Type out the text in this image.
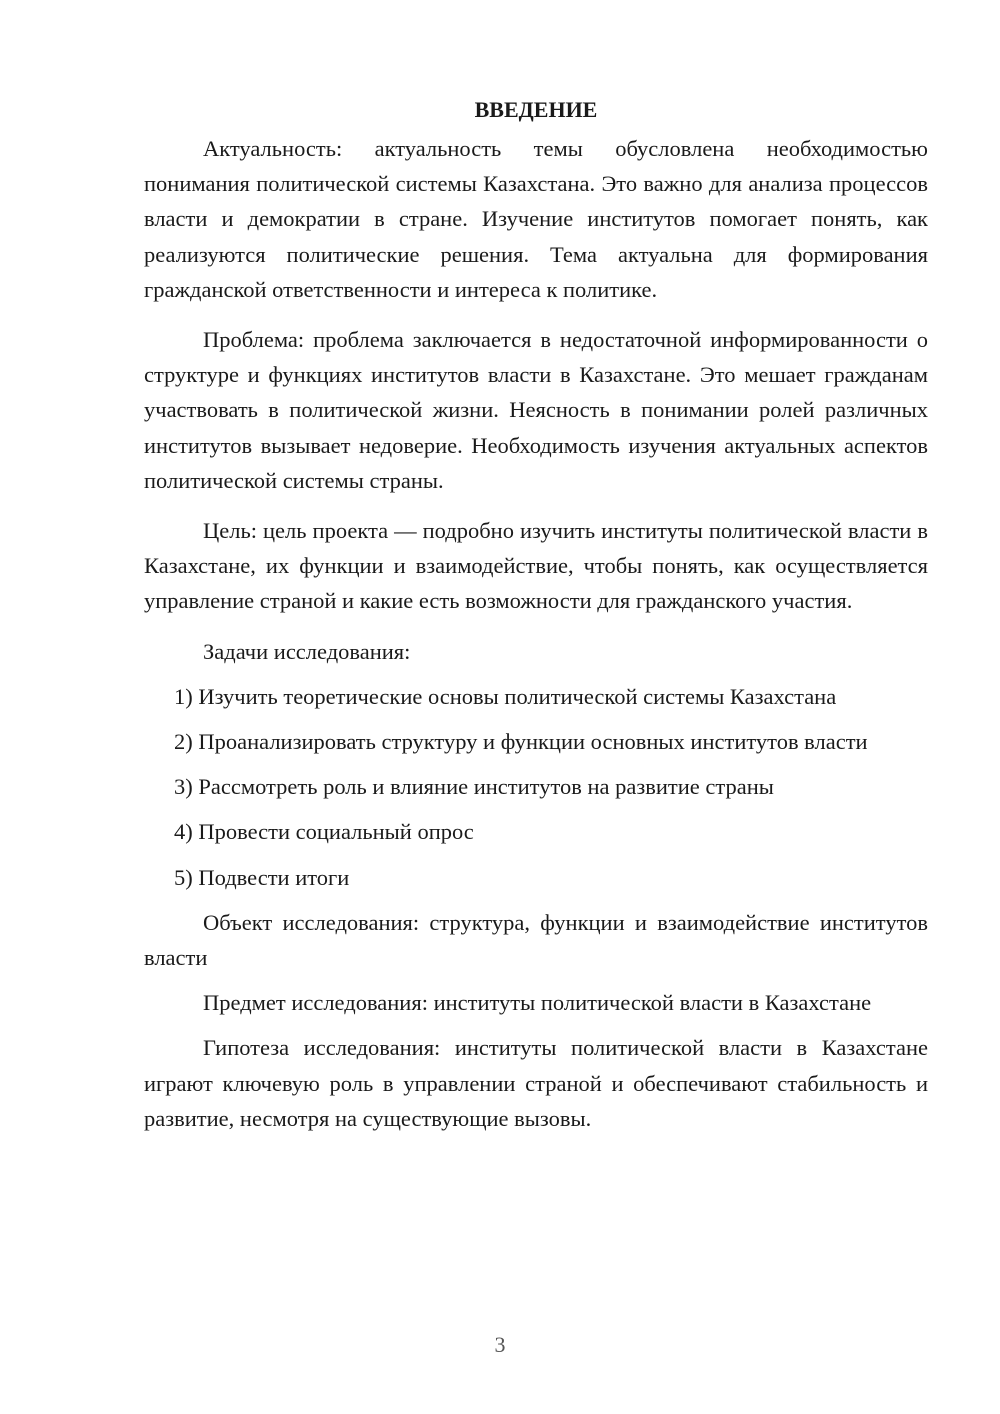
ВВЕДЕНИЕ

Актуальность: актуальность темы обусловлена необходимостью понимания политической системы Казахстана. Это важно для анализа процессов власти и демократии в стране. Изучение институтов помогает понять, как реализуются политические решения. Тема актуальна для формирования гражданской ответственности и интереса к политике.

Проблема: проблема заключается в недостаточной информированности о структуре и функциях институтов власти в Казахстане. Это мешает гражданам участвовать в политической жизни. Неясность в понимании ролей различных институтов вызывает недоверие. Необходимость изучения актуальных аспектов политической системы страны.

Цель: цель проекта — подробно изучить институты политической власти в Казахстане, их функции и взаимодействие, чтобы понять, как осуществляется управление страной и какие есть возможности для гражданского участия.

Задачи исследования:

1) Изучить теоретические основы политической системы Казахстана

2) Проанализировать структуру и функции основных институтов власти

3) Рассмотреть роль и влияние институтов на развитие страны

4) Провести социальный опрос

5) Подвести итоги

Объект исследования: структура, функции и взаимодействие институтов власти

Предмет исследования: институты политической власти в Казахстане

Гипотеза исследования: институты политической власти в Казахстане играют ключевую роль в управлении страной и обеспечивают стабильность и развитие, несмотря на существующие вызовы.

3
